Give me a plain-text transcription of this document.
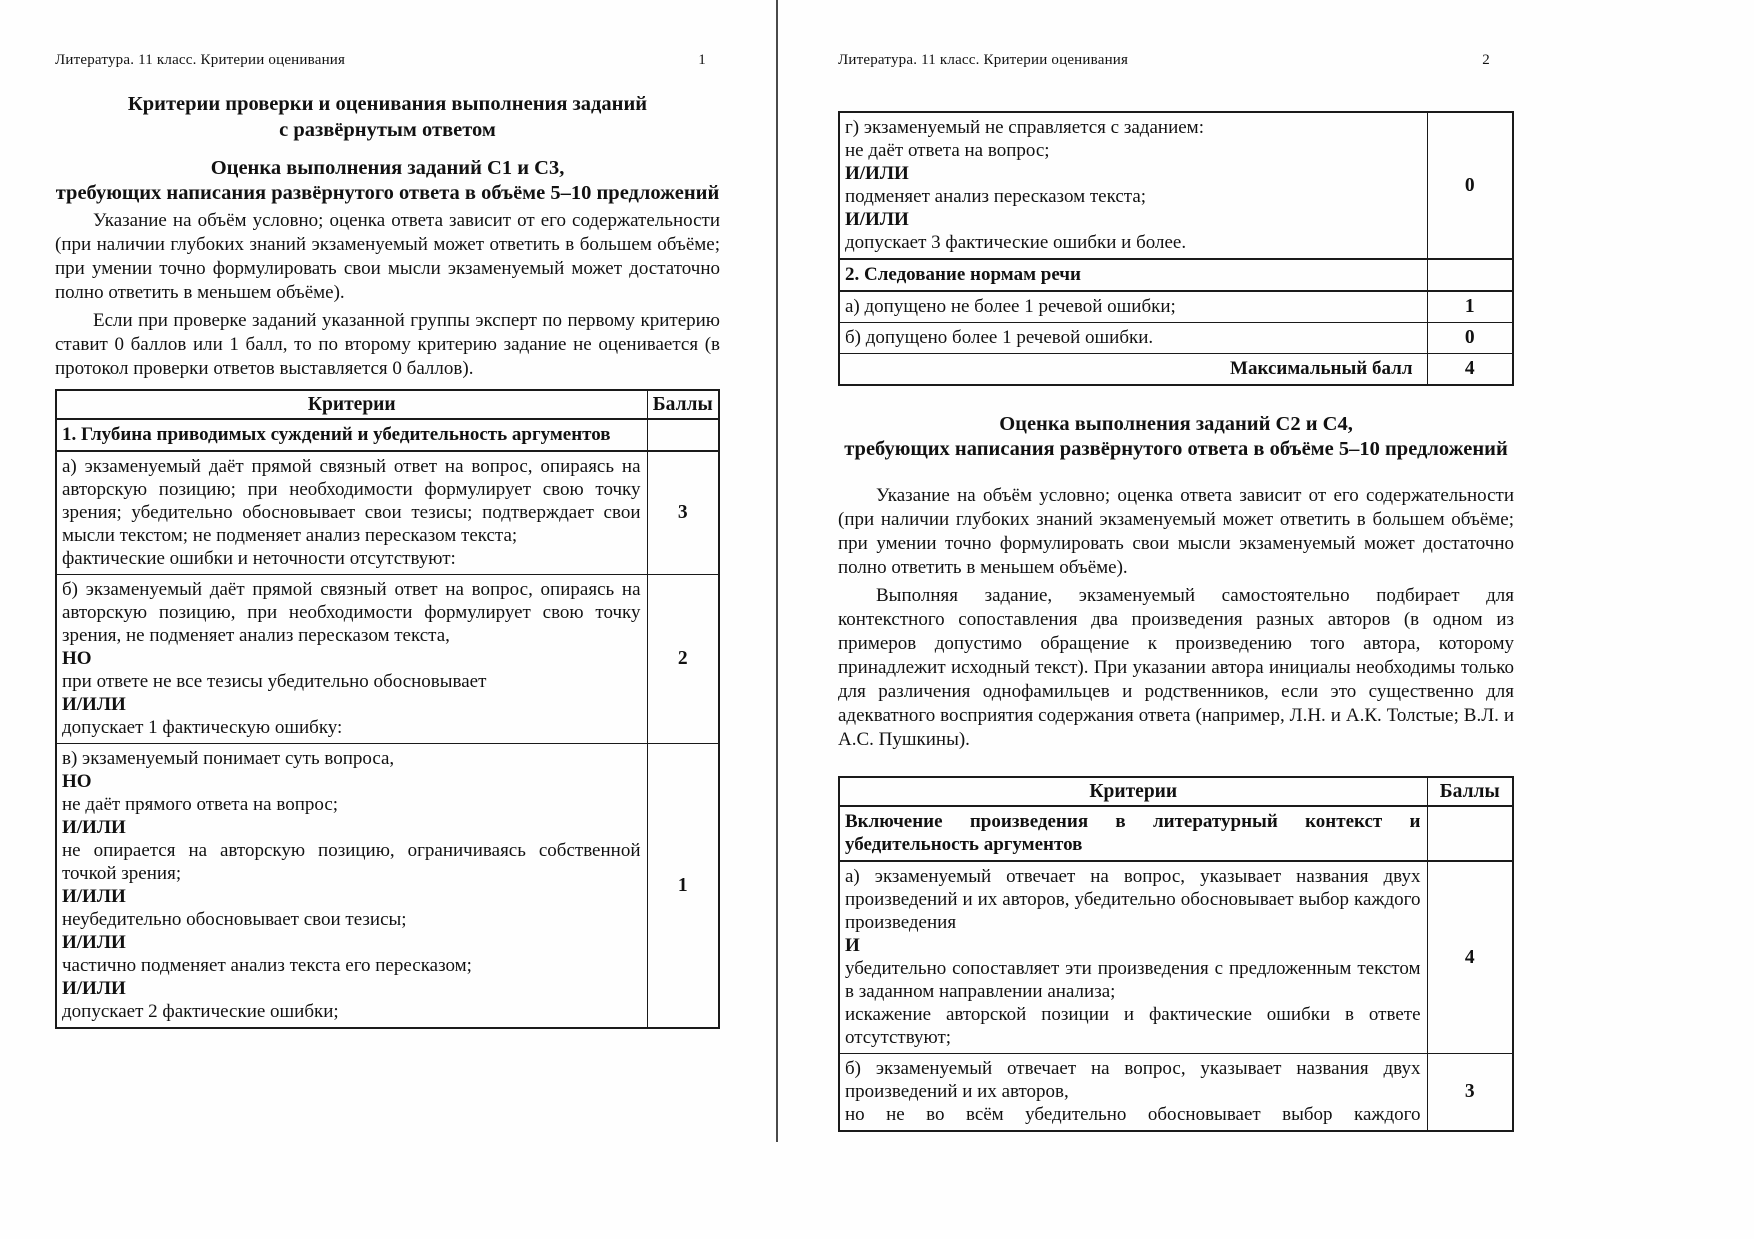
Литература. 11 класс. Критерии оценивания	1
Критерии проверки и оценивания выполнения заданий
с развёрнутым ответом
Оценка выполнения заданий С1 и С3,
требующих написания развёрнутого ответа в объёме 5–10 предложений

Указание на объём условно; оценка ответа зависит от его содержательности (при наличии глубоких знаний экзаменуемый может ответить в большем объёме; при умении точно формулировать свои мысли экзаменуемый может достаточно полно ответить в меньшем объёме).

Если при проверке заданий указанной группы эксперт по первому критерию ставит 0 баллов или 1 балл, то по второму критерию задание не оценивается (в протокол проверки ответов выставляется 0 баллов).

Критерии	Баллы

1. Глубина приводимых суждений и убедительность аргументов	

а) экзаменуемый даёт прямой связный ответ на вопрос, опираясь на авторскую позицию; при необходимости формулирует свою точку зрения; убедительно обосновывает свои тезисы; подтверждает свои мысли текстом; не подменяет анализ пересказом текста;
фактические ошибки и неточности отсутствуют:	3

б) экзаменуемый даёт прямой связный ответ на вопрос, опираясь на авторскую позицию, при необходимости формулирует свою точку зрения, не подменяет анализ пересказом текста,
НО
при ответе не все тезисы убедительно обосновывает
И/ИЛИ
допускает 1 фактическую ошибку:	2

в) экзаменуемый понимает суть вопроса,
НО
не даёт прямого ответа на вопрос;
И/ИЛИ
не опирается на авторскую позицию, ограничиваясь собственной точкой зрения;
И/ИЛИ
неубедительно обосновывает свои тезисы;
И/ИЛИ
частично подменяет анализ текста его пересказом;
И/ИЛИ
допускает 2 фактические ошибки;
	1
Литература. 11 класс. Критерии оценивания	2
г) экзаменуемый не справляется с заданием:
не даёт ответа на вопрос;
И/ИЛИ
подменяет анализ пересказом текста;
И/ИЛИ
допускает 3 фактические ошибки и более.
	0

2. Следование нормам речи	

а) допущено не более 1 речевой ошибки;	1

б) допущено более 1 речевой ошибки.	0

Максимальный балл	4
Оценка выполнения заданий С2 и С4,
требующих написания развёрнутого ответа в объёме 5–10 предложений

Указание на объём условно; оценка ответа зависит от его содержательности (при наличии глубоких знаний экзаменуемый может ответить в большем объёме; при умении точно формулировать свои мысли экзаменуемый может достаточно полно ответить в меньшем объёме).

Выполняя задание, экзаменуемый самостоятельно подбирает для контекстного сопоставления два произведения разных авторов (в одном из примеров допустимо обращение к произведению того автора, которому принадлежит исходный текст). При указании автора инициалы необходимы только для различения однофамильцев и родственников, если это существенно для адекватного восприятия содержания ответа (например, Л.Н. и А.К. Толстые; В.Л. и А.С. Пушкины).

Критерии	Баллы

Включение произведения в литературный контекст и убедительность аргументов	

а) экзаменуемый отвечает на вопрос, указывает названия двух произведений и их авторов, убедительно обосновывает выбор каждого произведения
И
убедительно сопоставляет эти произведения с предложенным текстом в заданном направлении анализа;
искажение авторской позиции и фактические ошибки в ответе отсутствуют;	4

б) экзаменуемый отвечает на вопрос, указывает названия двух произведений и их авторов,
но не во всём убедительно обосновывает выбор каждого	3
